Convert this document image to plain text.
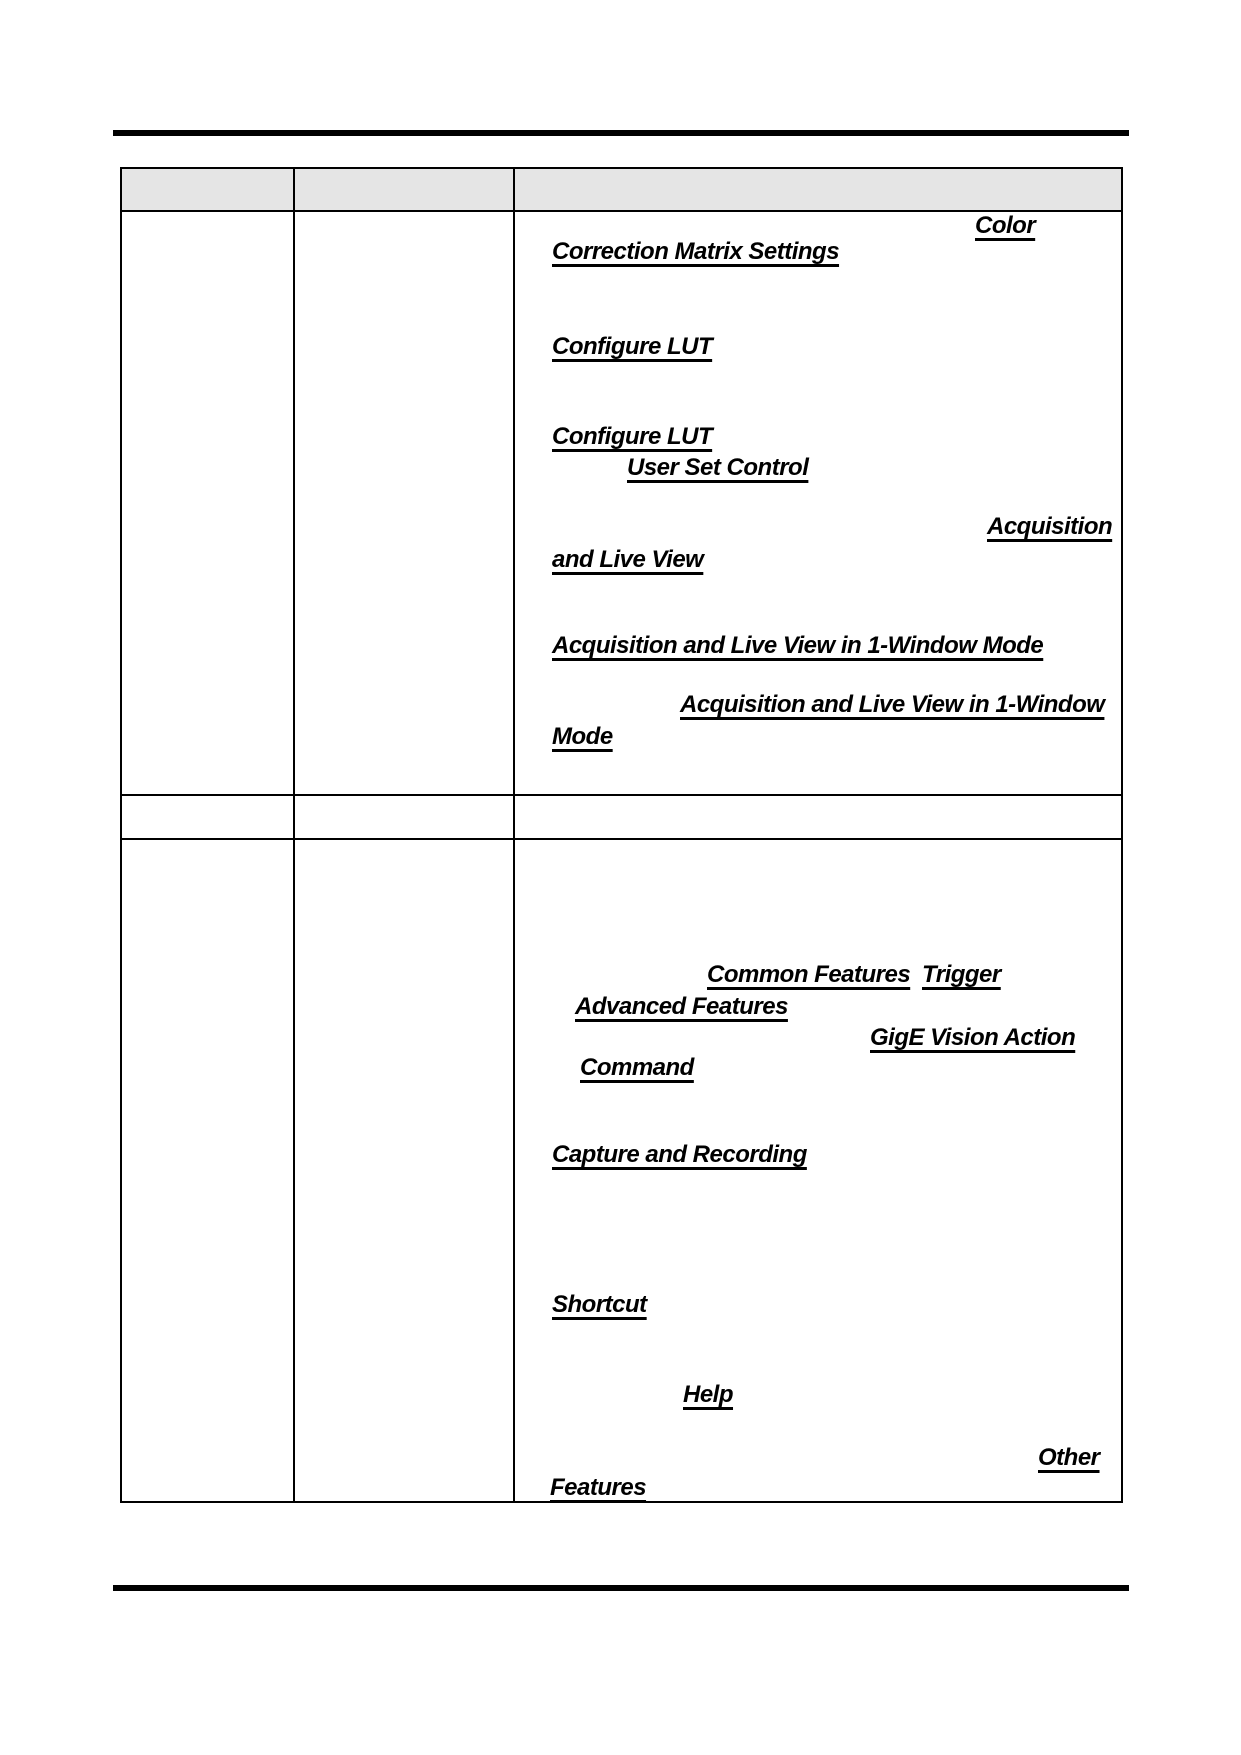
Color
Correction Matrix Settings
Configure LUT
Configure LUT
User Set Control
Acquisition
and Live View
Acquisition and Live View in 1-Window Mode
Acquisition and Live View in 1-Window
Mode
Common Features Trigger
Advanced Features
GigE Vision Action
Command
Capture and Recording
Shortcut
Help
Other
Features
